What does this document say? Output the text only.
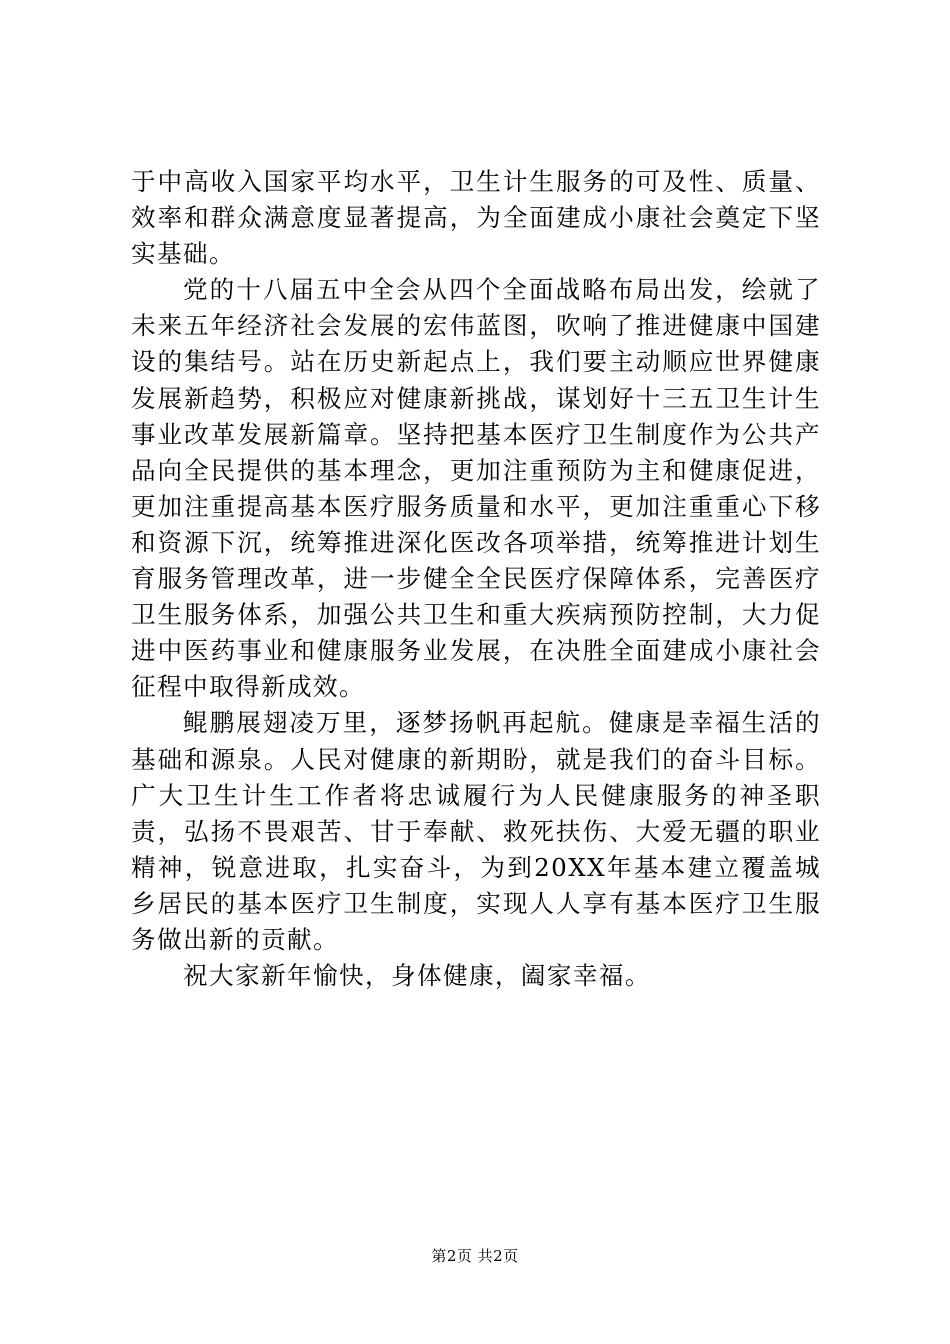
于中高收入国家平均水平，卫生计生服务的可及性、质量、效率和群众满意度显著提高，为全面建成小康社会奠定下坚实基础。

党的十八届五中全会从四个全面战略布局出发，绘就了未来五年经济社会发展的宏伟蓝图，吹响了推进健康中国建设的集结号。站在历史新起点上，我们要主动顺应世界健康发展新趋势，积极应对健康新挑战，谋划好十三五卫生计生事业改革发展新篇章。坚持把基本医疗卫生制度作为公共产品向全民提供的基本理念，更加注重预防为主和健康促进，更加注重提高基本医疗服务质量和水平，更加注重重心下移和资源下沉，统筹推进深化医改各项举措，统筹推进计划生育服务管理改革，进一步健全全民医疗保障体系，完善医疗卫生服务体系，加强公共卫生和重大疾病预防控制，大力促进中医药事业和健康服务业发展，在决胜全面建成小康社会征程中取得新成效。

鲲鹏展翅凌万里，逐梦扬帆再起航。健康是幸福生活的基础和源泉。人民对健康的新期盼，就是我们的奋斗目标。广大卫生计生工作者将忠诚履行为人民健康服务的神圣职责，弘扬不畏艰苦、甘于奉献、救死扶伤、大爱无疆的职业精神，锐意进取，扎实奋斗，为到20XX年基本建立覆盖城乡居民的基本医疗卫生制度，实现人人享有基本医疗卫生服务做出新的贡献。

祝大家新年愉快，身体健康，阖家幸福。

第2页 共2页
